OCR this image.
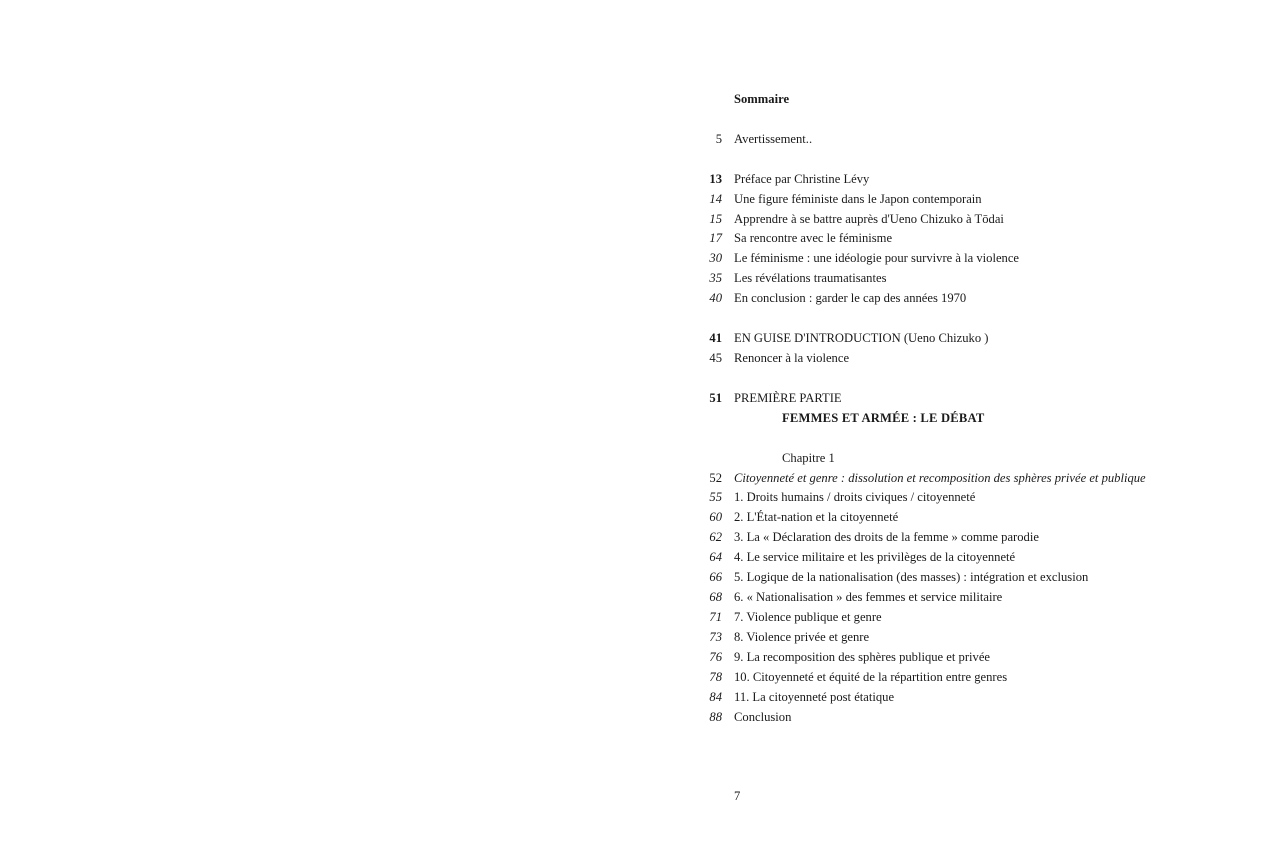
Sommaire
5 Avertissement..
13 Préface par Christine Lévy
14 Une figure féministe dans le Japon contemporain
15 Apprendre à se battre auprès d'Ueno Chizuko à Tōdai
17 Sa rencontre avec le féminisme
30 Le féminisme : une idéologie pour survivre à la violence
35 Les révélations traumatisantes
40 En conclusion : garder le cap des années 1970
41 EN GUISE D'INTRODUCTION (Ueno Chizuko )
45 Renoncer à la violence
51 PREMIÈRE PARTIE
FEMMES ET ARMÉE : LE DÉBAT
Chapitre 1
52 Citoyenneté et genre : dissolution et recomposition des sphères privée et publique
55 1. Droits humains / droits civiques / citoyenneté
60 2. L'État-nation et la citoyenneté
62 3. La « Déclaration des droits de la femme » comme parodie
64 4. Le service militaire et les privilèges de la citoyenneté
66 5. Logique de la nationalisation (des masses) : intégration et exclusion
68 6. « Nationalisation » des femmes et service militaire
71 7. Violence publique et genre
73 8. Violence privée et genre
76 9. La recomposition des sphères publique et privée
78 10. Citoyenneté et équité de la répartition entre genres
84 11. La citoyenneté post étatique
88 Conclusion
7
